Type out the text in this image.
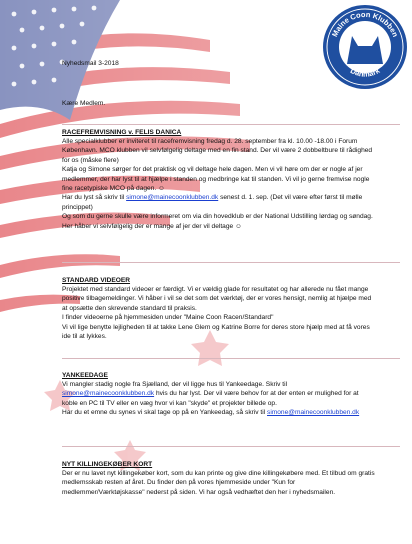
Maine Coon Klubben
Danmark
Nyhedsmail 3-2018
Kære Medlem.
RACEFREMVISNING v. FELIS DANICA
Alle specialklubber er inviteret til racefremvisning fredag d. 28. september fra kl. 10.00 -18.00 i Forum
København. MCO klubben vil selvfølgelig deltage med en fin stand. Der vil være 2 dobbeltbure til rådighed
for os (måske flere)
Katja og Simone sørger for det praktisk og vil deltage hele dagen. Men vi vil høre om der er nogle af jer
medlemmer, der har lyst til at hjælpe i standen og medbringe kat til standen. Vi vil jo gerne fremvise nogle
fine racetypiske MCO på dagen. ☺
Har du lyst så skriv til simone@mainecoonklubben.dk senest d. 1. sep. (Det vil være efter først til mølle
princippet)
Og som du gerne skulle være informeret om via din hovedklub er der National Udstilling lørdag og søndag.
Her håber vi selvfølgelig der er mange af jer der vil deltage ☺
STANDARD VIDEOER
Projektet med standard videoer er færdigt. Vi er vældig glade for resultatet og har allerede nu fået mange
positive tilbagemeldinger. Vi håber i vil se det som det værktøj, der er vores hensigt, nemlig at hjælpe med
at opsætte den skrevende standard til praksis.
I finder videoerne på hjemmesiden under "Maine Coon Racen/Standard"
Vi vil lige benytte lejligheden til at takke Lene Glem og Katrine Borre for deres store hjælp med at få vores
ide til at lykkes.
YANKEEDAGE
Vi mangler stadig nogle fra Sjælland, der vil ligge hus til Yankeedage. Skriv til
simone@mainecoonklubben.dk hvis du har lyst. Der vil være behov for at der enten er mulighed for at
koble en PC til TV eller en væg hvor vi kan "skyde" et projekter billede op.
Har du et emne du synes vi skal tage op på en Yankeedag, så skriv til simone@mainecoonklubben.dk
NYT KILLINGEKØBER KORT
Der er nu lavet nyt killingekøber kort, som du kan printe og give dine killingekøbere med. Et tilbud om gratis
medlemsskab resten af året. Du finder den på vores hjemmeside under "Kun for
medlemmer/Værktøjskasse" nederst på siden. Vi har også vedhæftet den her i nyhedsmailen.
